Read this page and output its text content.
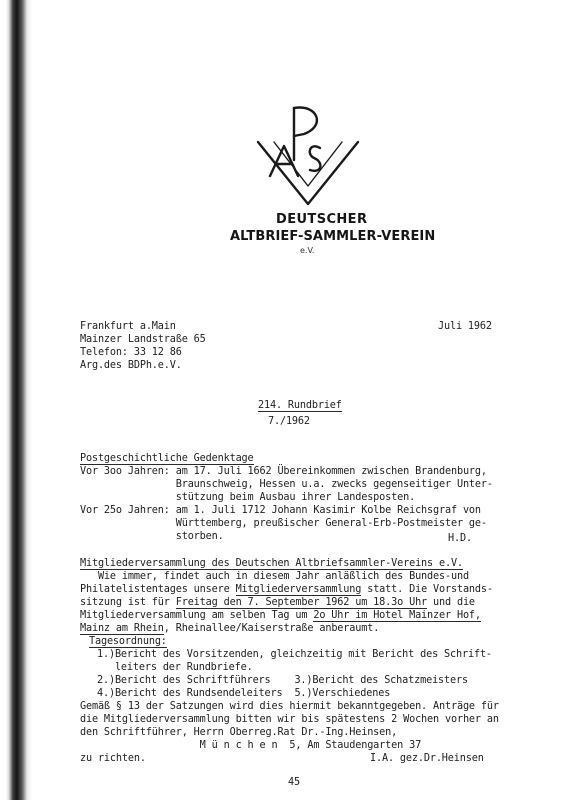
DEUTSCHER
ALTBRIEF-SAMMLER-VEREIN
e.V.
Frankfurt a.Main
Mainzer Landstraße 65
Telefon: 33 12 86
Arg.des BDPh.e.V.
Juli 1962
214. Rundbrief
7./1962
Postgeschichtliche Gedenktage
Vor 3oo Jahren: am 17. Juli 1662 Übereinkommen zwischen Brandenburg,
Braunschweig, Hessen u.a. zwecks gegenseitiger Unter-
stützung beim Ausbau ihrer Landesposten.
Vor 25o Jahren: am 1. Juli 1712 Johann Kasimir Kolbe Reichsgraf von
Württemberg, preußischer General-Erb-Postmeister ge-
storben.	H.D.
Mitgliederversammlung des Deutschen Altbriefsammler-Vereins e.V.
Wie immer, findet auch in diesem Jahr anläßlich des Bundes-und
Philatelistentages unsere Mitgliederversammlung statt. Die Vorstands-
sitzung ist für Freitag den 7. September 1962 um 18.3o Uhr und die
Mitgliederversammlung am selben Tag um 2o Uhr im Hotel Mainzer Hof,
Mainz am Rhein, Rheinallee/Kaiserstraße anberaumt.
Tagesordnung:
1.)Bericht des Vorsitzenden, gleichzeitig mit Bericht des Schrift-
leiters der Rundbriefe.
2.)Bericht des Schriftführers    3.)Bericht des Schatzmeisters
4.)Bericht des Rundsendeleiters  5.)Verschiedenes
Gemäß § 13 der Satzungen wird dies hiermit bekanntgegeben. Anträge für
die Mitgliederversammlung bitten wir bis spätestens 2 Wochen vorher an
den Schriftführer, Herrn Oberreg.Rat Dr.-Ing.Heinsen,
M ü n c h e n  5, Am Staudengarten 37
zu richten.	I.A. gez.Dr.Heinsen
45
